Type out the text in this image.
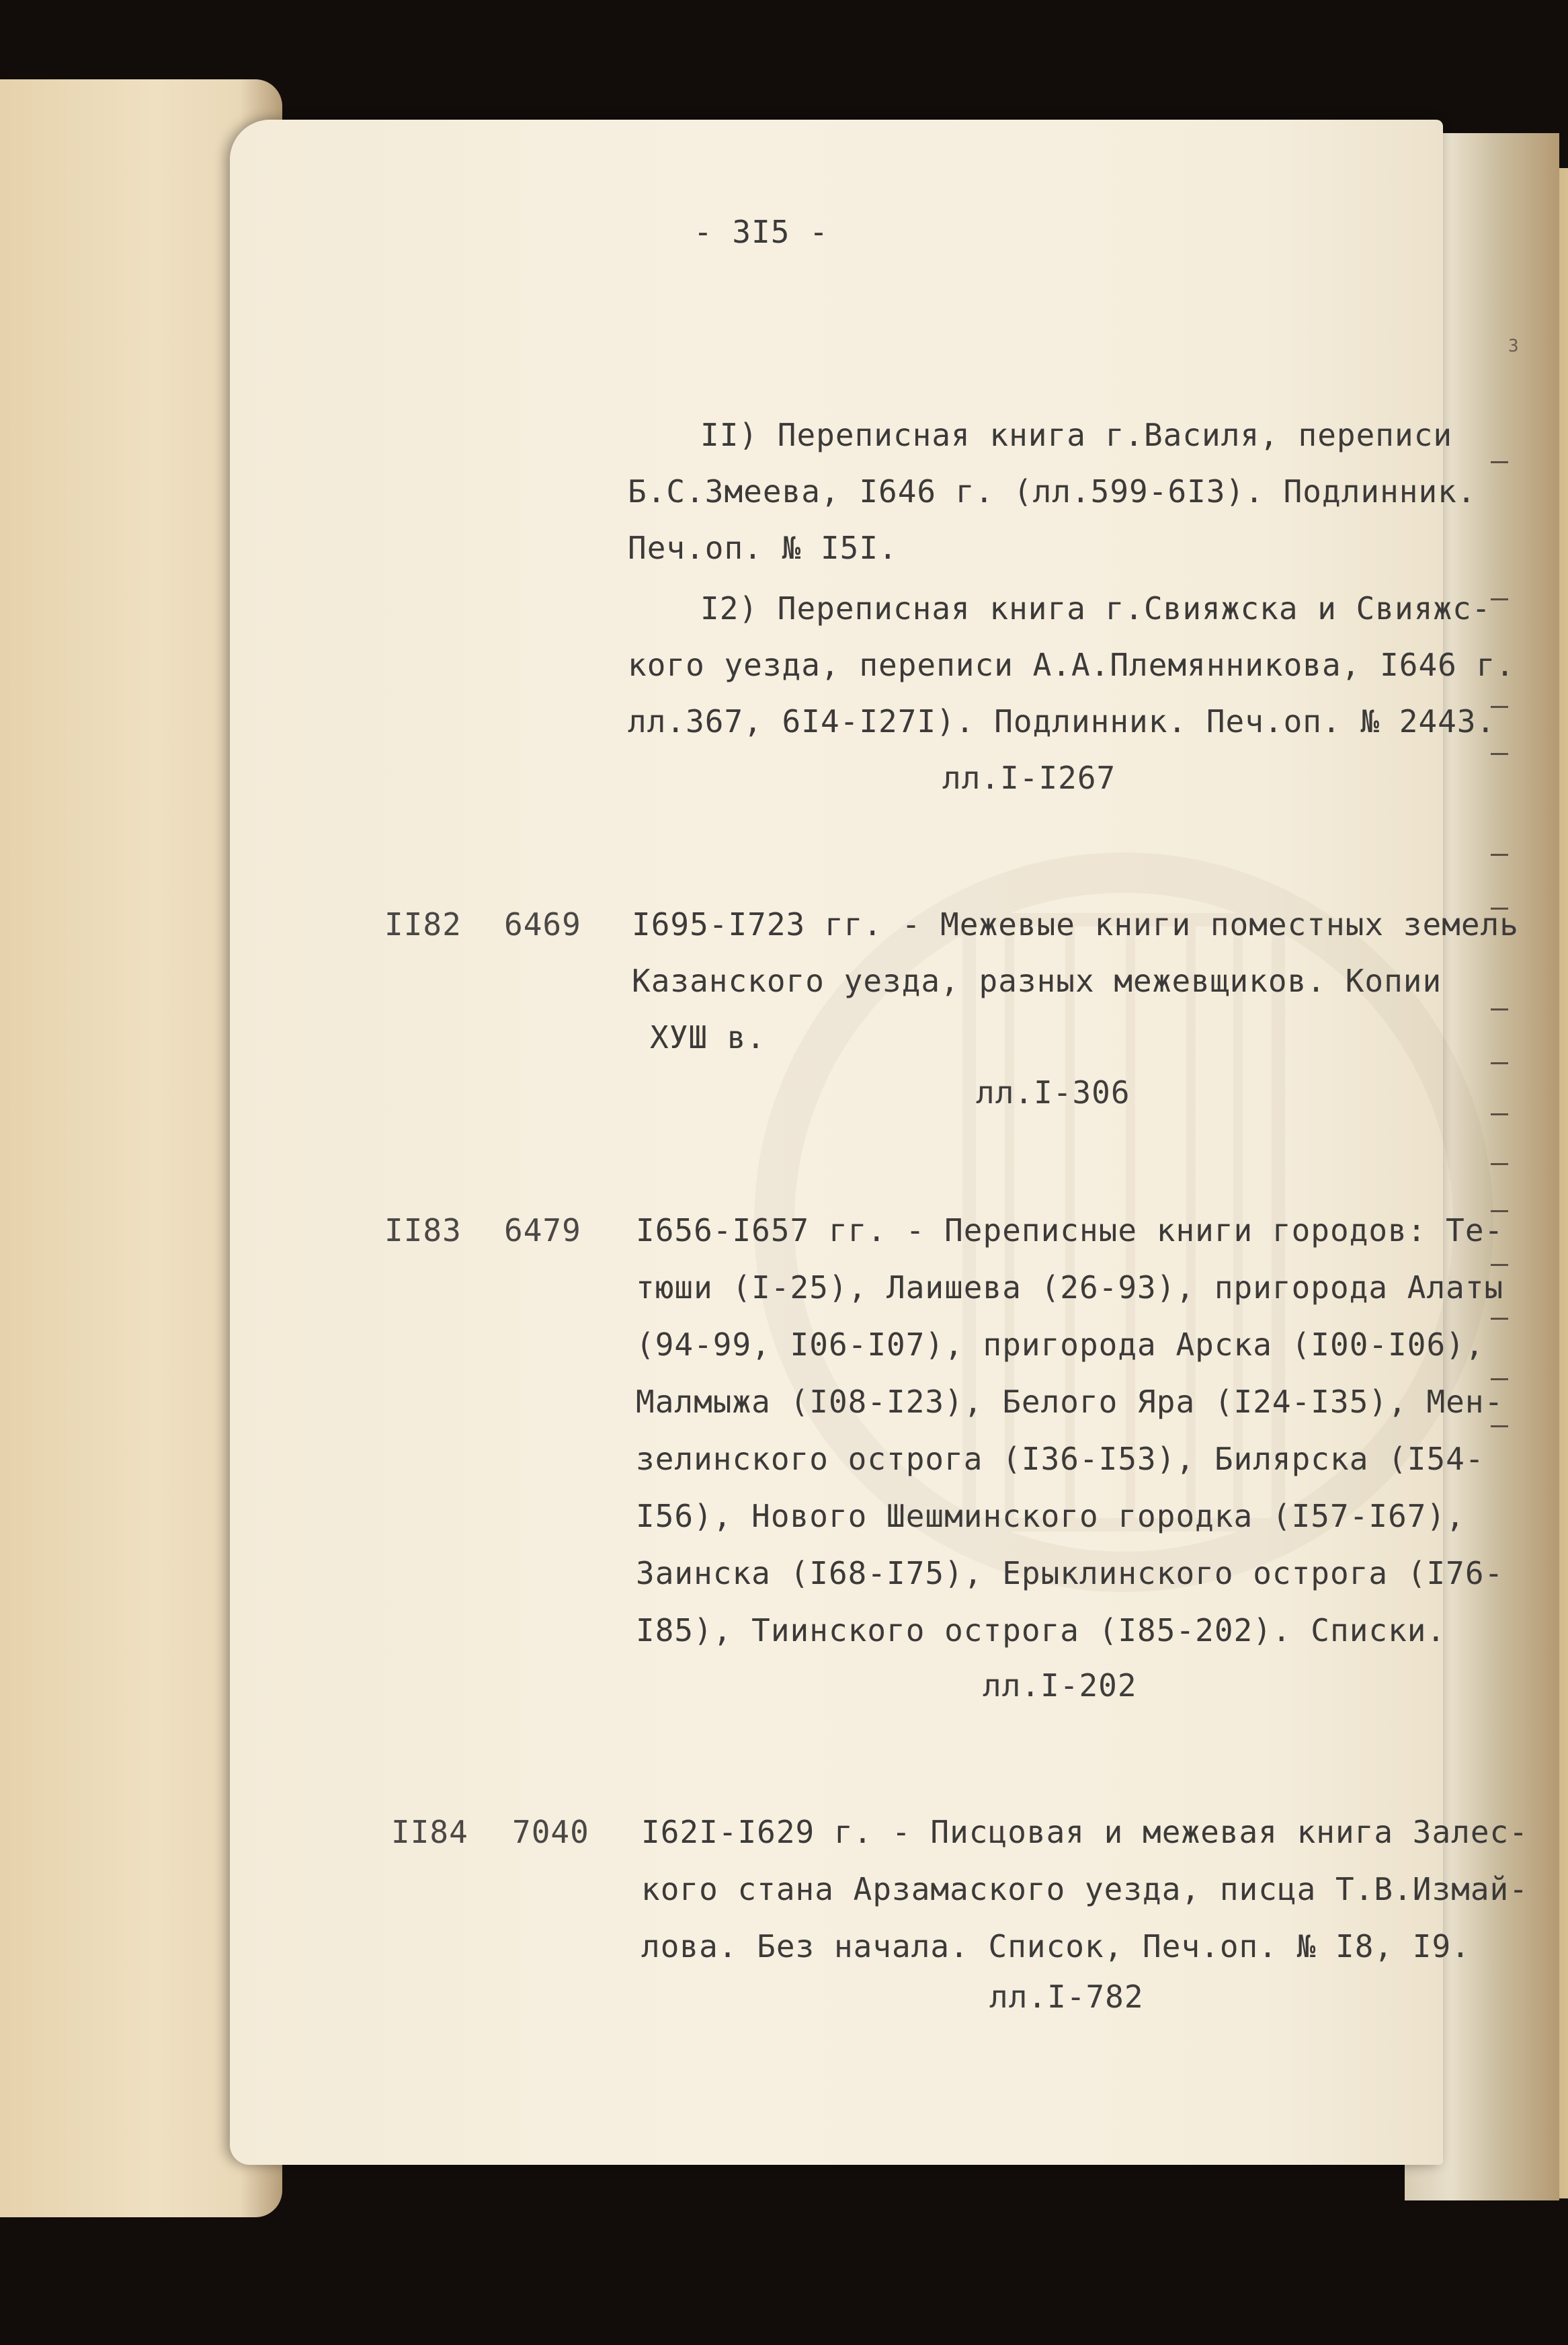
3
- 3I5 -
II) Переписная книга г.Василя, переписи
Б.С.Змеева, I646 г. (лл.599-6I3). Подлинник.
Печ.оп. № I5I.
I2) Переписная книга г.Свияжска и Свияжс-
кого уезда, переписи А.А.Племянникова, I646 г.
лл.367, 6I4-I27I). Подлинник. Печ.оп. № 2443.
лл.I-I267
II82 6469 I695-I723 гг. - Межевые книги поместных земель
Казанского уезда, разных межевщиков. Копии
ХУШ в.
лл.I-306
II83 6479 I656-I657 гг. - Переписные книги городов: Те-
тюши (I-25), Лаишева (26-93), пригорода Алаты
(94-99, I06-I07), пригорода Арска (I00-I06),
Малмыжа (I08-I23), Белого Яра (I24-I35), Мен-
зелинского острога (I36-I53), Билярска (I54-
I56), Нового Шешминского городка (I57-I67),
Заинска (I68-I75), Ерыклинского острога (I76-
I85), Тиинского острога (I85-202). Списки.
лл.I-202
II84 7040 I62I-I629 г. - Писцовая и межевая книга Залес-
кого стана Арзамаского уезда, писца Т.В.Измай-
лова. Без начала. Список, Печ.оп. № I8, I9.
лл.I-782
